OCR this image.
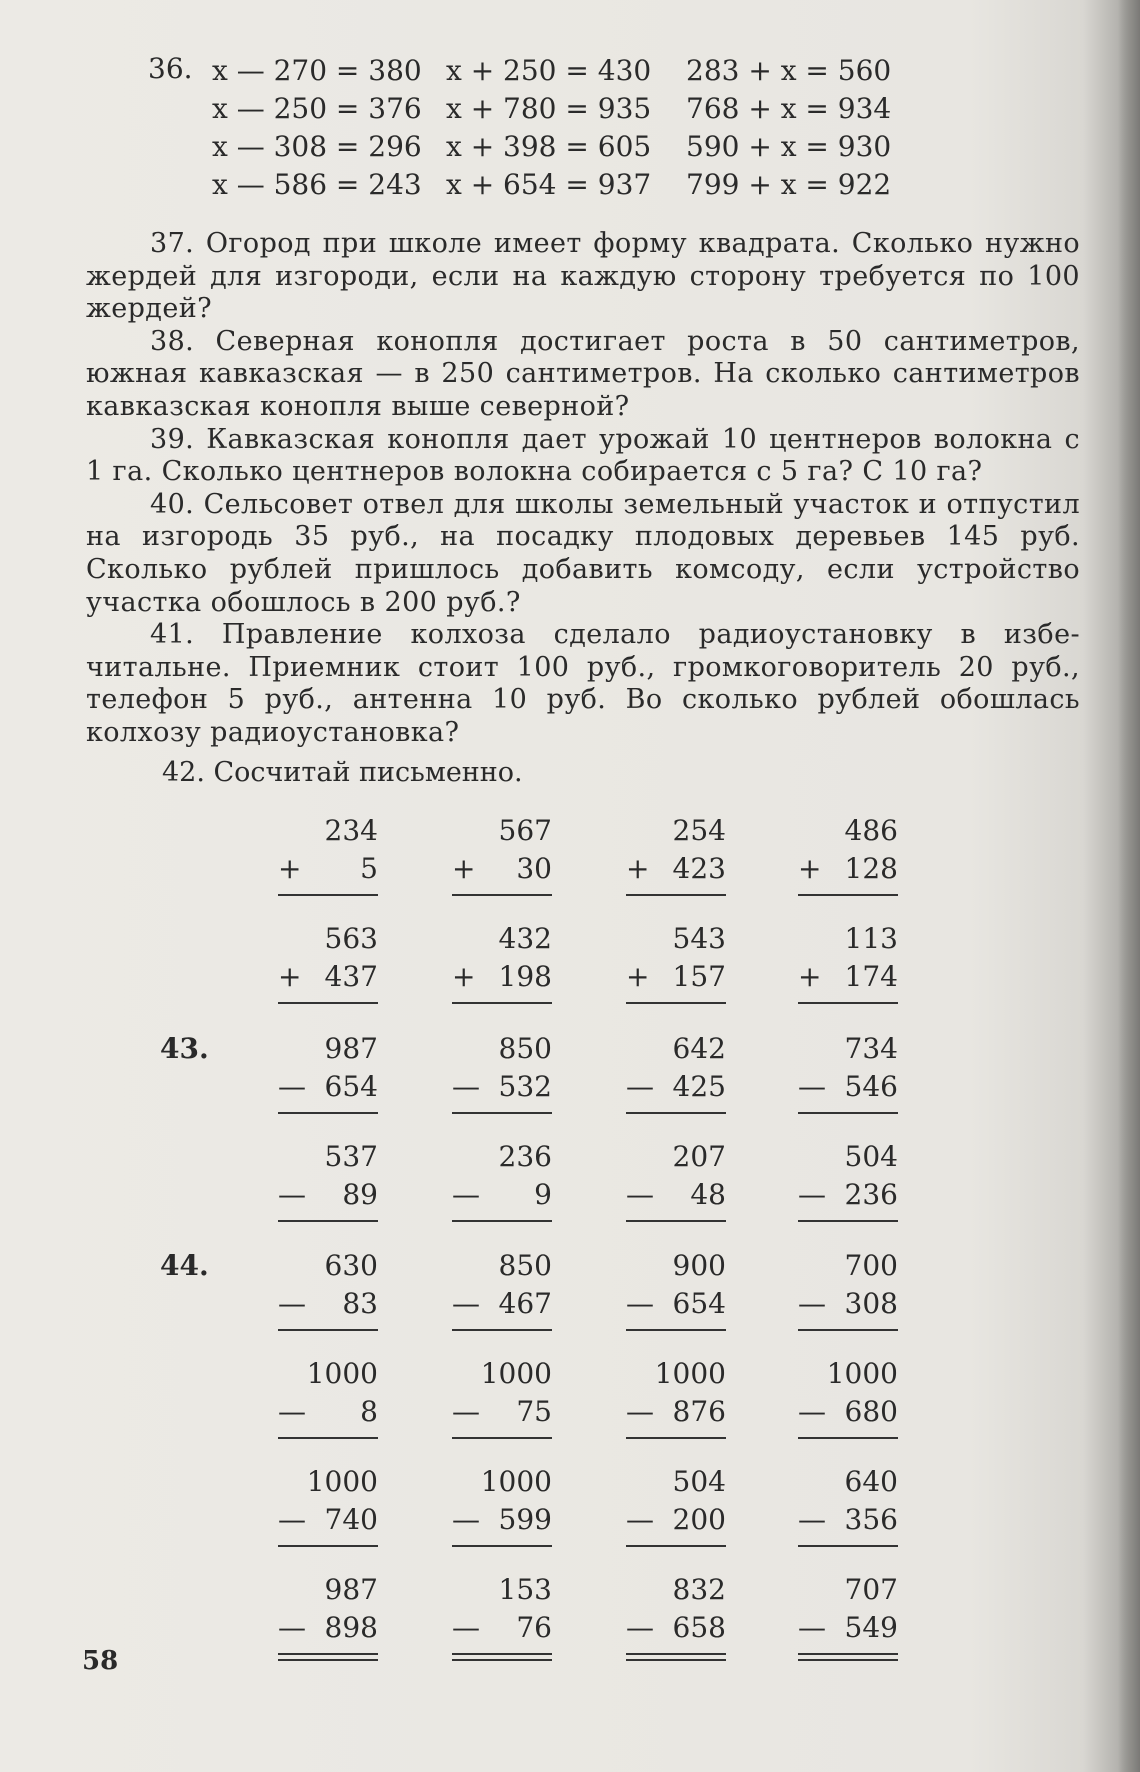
36. x — 270 = 380
x — 250 = 376
x — 308 = 296
x — 586 = 243
x + 250 = 430
x + 780 = 935
x + 398 = 605
x + 654 = 937
283 + x = 560
768 + x = 934
590 + x = 930
799 + x = 922

37. Огород при школе имеет форму квадрата. Сколько нужно жердей для изгороди, если на каждую сторону требуется по 100 жердей?

38. Северная конопля достигает роста в 50 сантиметров, южная кавказская — в 250 сантиметров. На сколько сантиметров кавказская конопля выше северной?

39. Кавказская конопля дает урожай 10 центнеров волокна с 1 га. Сколько центнеров волокна собирается с 5 га? С 10 га?

40. Сельсовет отвел для школы земельный участок и отпустил на изгородь 35 руб., на посадку плодовых деревьев 145 руб. Сколько рублей пришлось добавить комсоду, если устройство участка обошлось в 200 руб.?

41. Правление колхоза сделало радиоустановку в избе-читальне. Приемник стоит 100 руб., громкоговоритель 20 руб., телефон 5 руб., антенна 10 руб. Во сколько рублей обошлась колхозу радиоустановка?

42. Сосчитай письменно.
43.
44.
234
+ 5
567
+ 30
254
+ 423
486
+ 128
563
+ 437
432
+ 198
543
+ 157
113
+ 174
987
— 654
850
— 532
642
— 425
734
— 546
537
— 89
236
— 9
207
— 48
504
— 236
630
— 83
850
— 467
900
— 654
700
— 308
1000
— 8
1000
— 75
1000
— 876
1000
— 680
1000
— 740
1000
— 599
504
— 200
640
— 356
987
— 898
153
— 76
832
— 658
707
— 549
58
